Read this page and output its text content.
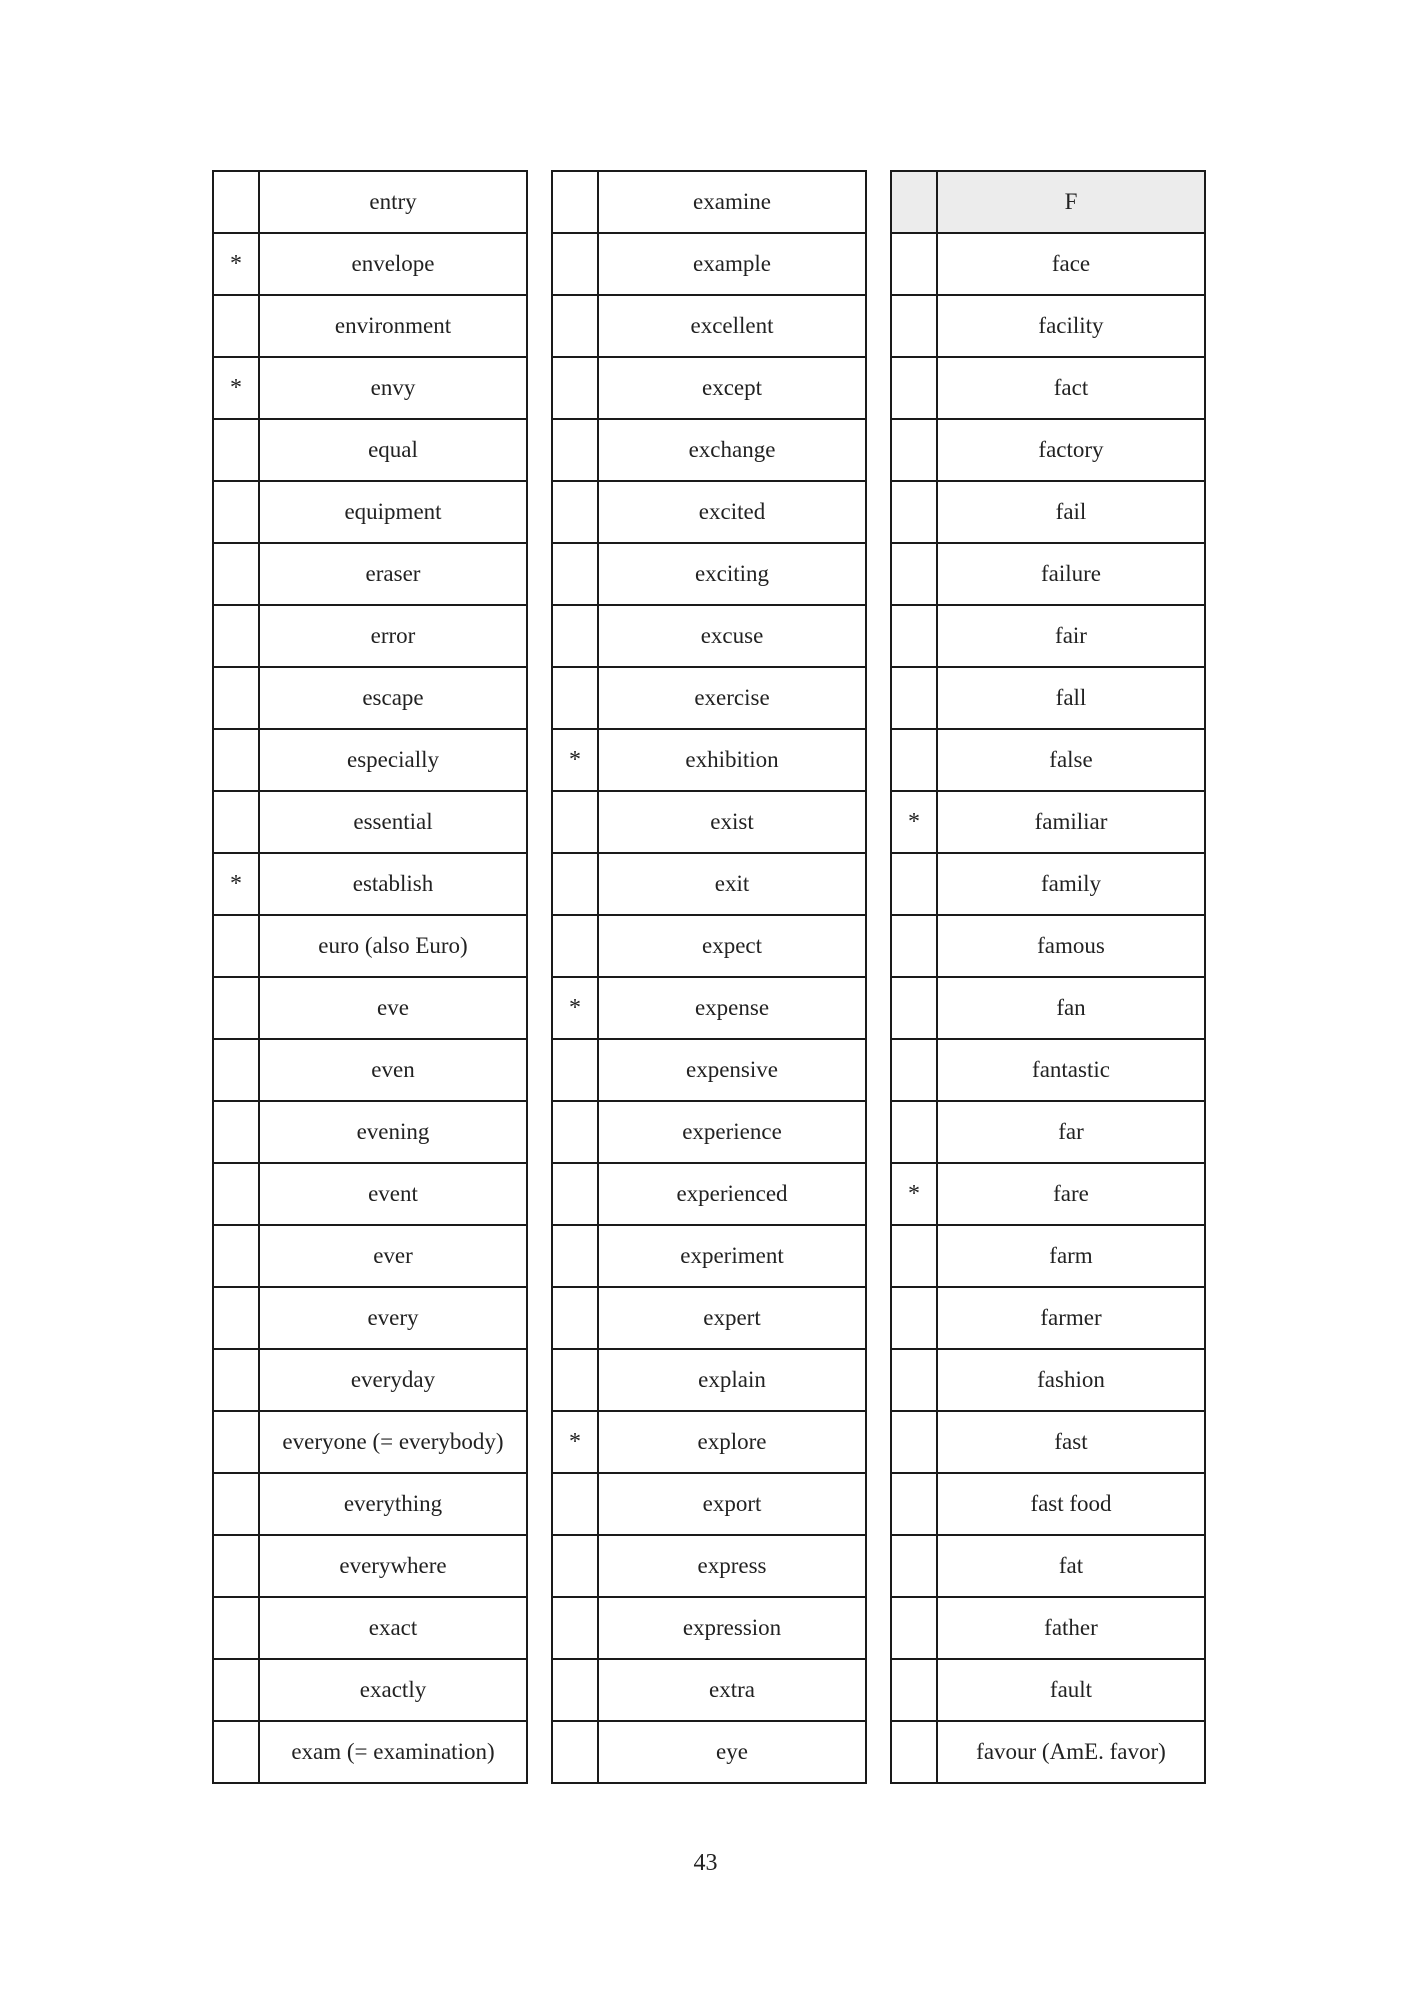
	entry
*	envelope
	environment
*	envy
	equal
	equipment
	eraser
	error
	escape
	especially
	essential
*	establish
	euro (also Euro)
	eve
	even
	evening
	event
	ever
	every
	everyday
	everyone (= everybody)
	everything
	everywhere
	exact
	exactly
	exam (= examination)
	examine
	example
	excellent
	except
	exchange
	excited
	exciting
	excuse
	exercise
*	exhibition
	exist
	exit
	expect
*	expense
	expensive
	experience
	experienced
	experiment
	expert
	explain
*	explore
	export
	express
	expression
	extra
	eye
	F
	face
	facility
	fact
	factory
	fail
	failure
	fair
	fall
	false
*	familiar
	family
	famous
	fan
	fantastic
	far
*	fare
	farm
	farmer
	fashion
	fast
	fast food
	fat
	father
	fault
	favour (AmE. favor)
43
